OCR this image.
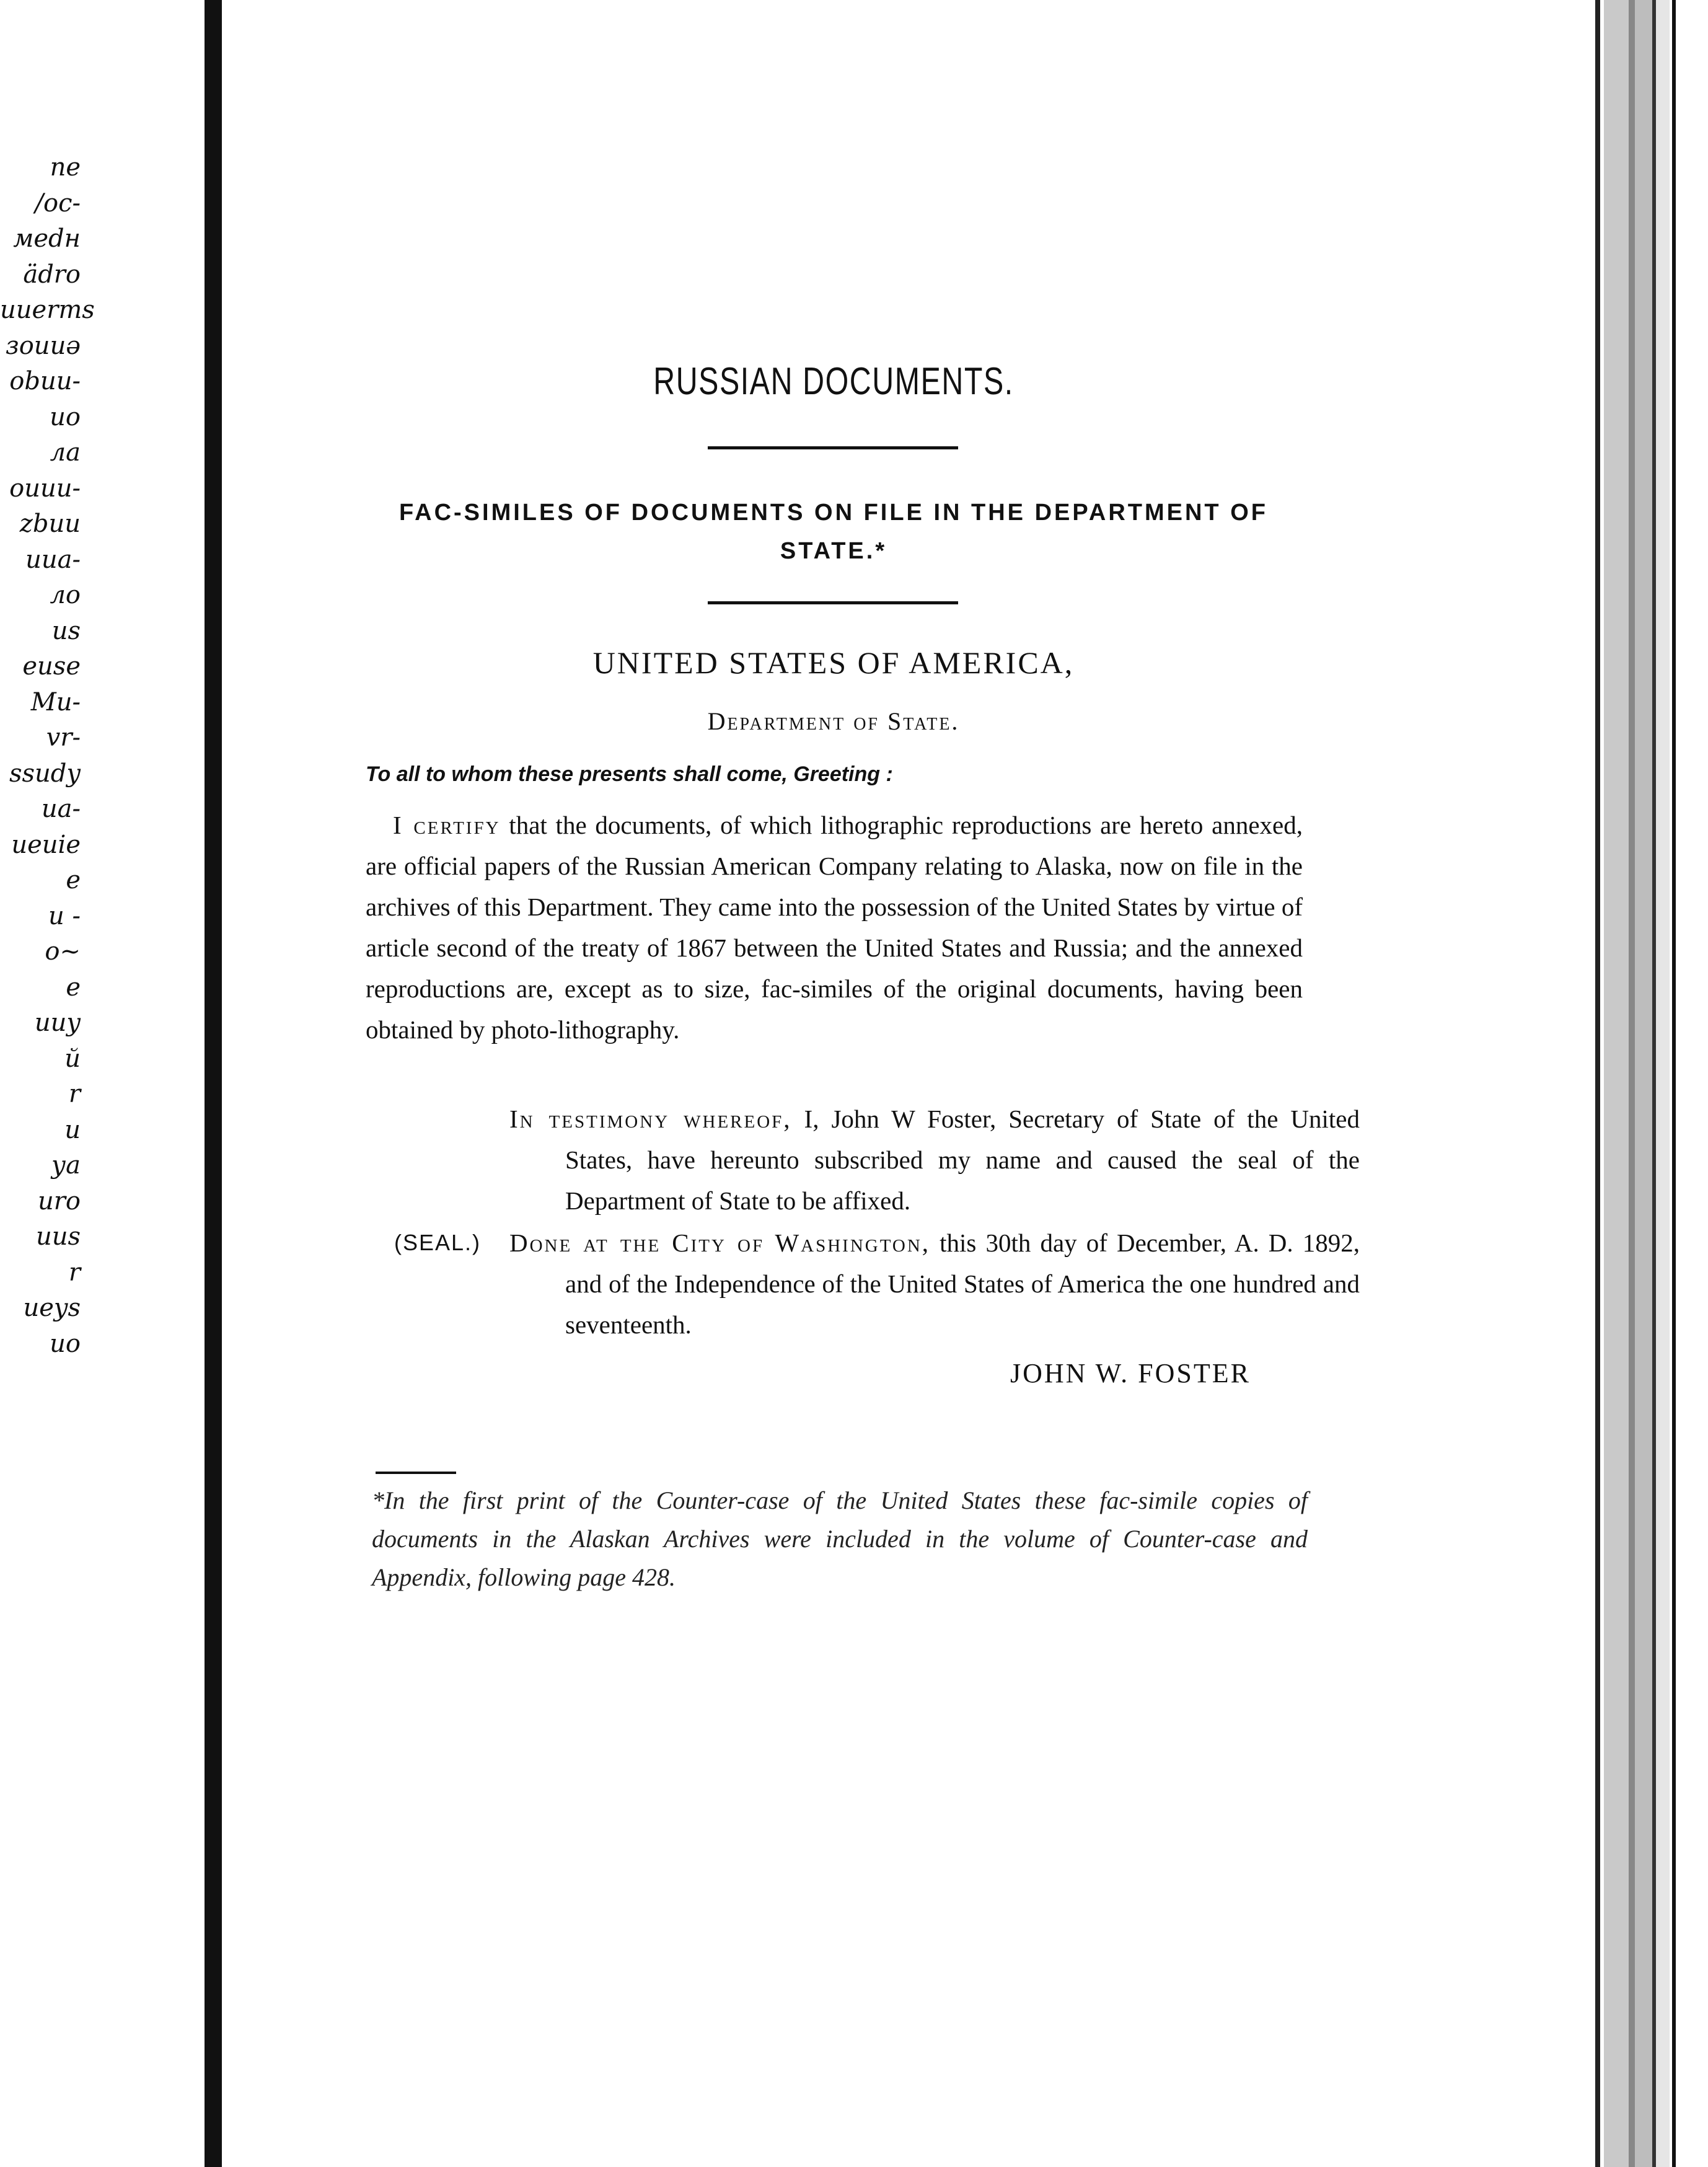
ne
/ос-
меdн
ädro
uuerms
зоииə
obuи-
ио
ла
ouuu-
zbuu
ииа-
ло
иѕ
еиsе
Mu-
vr-
ssudy
иа-
иеиie
e
u -
о~
е
uuy
й
r
u
уа
uro
uus
r
иеys
ио
RUSSIAN DOCUMENTS.
FAC-SIMILES OF DOCUMENTS ON FILE IN THE DEPARTMENT OF
STATE.*
UNITED STATES OF AMERICA,
Department of State.
To all to whom these presents shall come, Greeting :
I certify that the documents, of which lithographic reproductions are hereto annexed, are official papers of the Russian American Company relating to Alaska, now on file in the archives of this Department. They came into the possession of the United States by virtue of article second of the treaty of 1867 between the United States and Russia; and the annexed reproductions are, except as to size, fac-similes of the original documents, having been obtained by photo-lithography.
In testimony whereof, I, John W Foster, Secretary of State of the United States, have hereunto subscribed my name and caused the seal of the Department of State to be affixed.
(SEAL.) Done at the City of Washington, this 30th day of December, A. D. 1892, and of the Independence of the United States of America the one hundred and seventeenth.
JOHN W. FOSTER
*In the first print of the Counter-case of the United States these fac-simile copies of documents in the Alaskan Archives were included in the volume of Counter-case and Appendix, following page 428.
